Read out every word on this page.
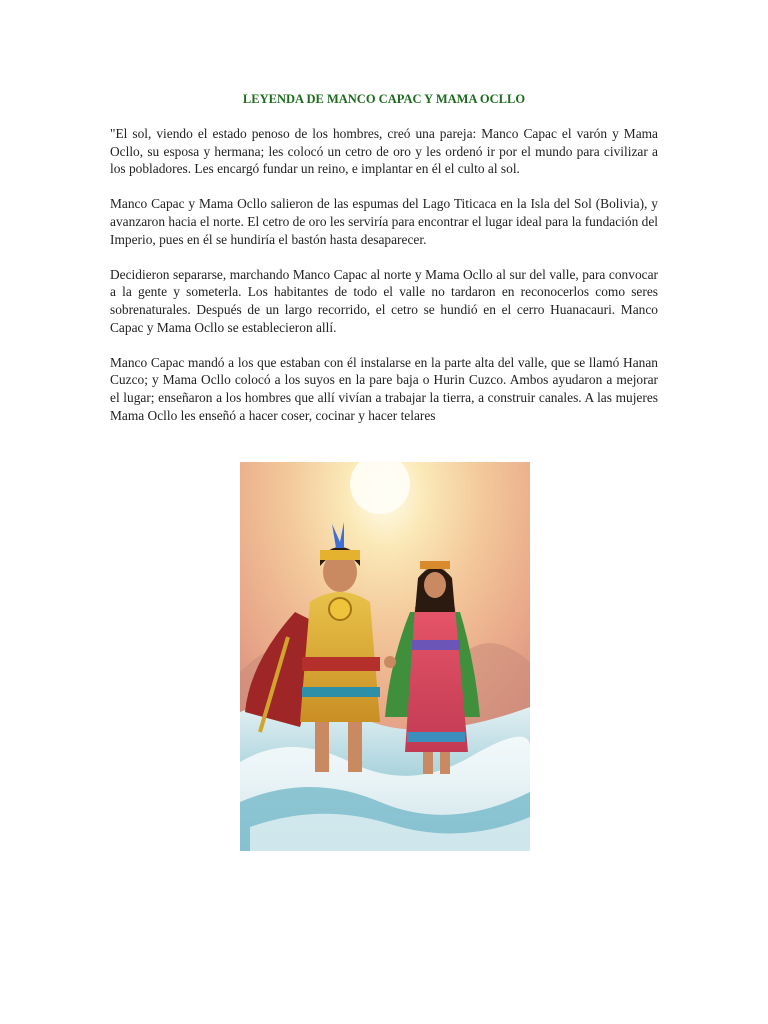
LEYENDA DE MANCO CAPAC Y MAMA OCLLO

"El sol, viendo el estado penoso de los hombres, creó una pareja: Manco Capac el varón y Mama Ocllo, su esposa y hermana; les colocó un cetro de oro y les ordenó ir por el mundo para civilizar a los pobladores. Les encargó fundar un reino, e implantar en él el culto al sol.

Manco Capac y Mama Ocllo salieron de las espumas del Lago Titicaca en la Isla del Sol (Bolivia), y avanzaron hacia el norte. El cetro de oro les serviría para encontrar el lugar ideal para la fundación del Imperio, pues en él se hundiría el bastón hasta desaparecer.

Decidieron separarse, marchando Manco Capac al norte y Mama Ocllo al sur del valle, para convocar a la gente y someterla. Los habitantes de todo el valle no tardaron en reconocerlos como seres sobrenaturales. Después de un largo recorrido, el cetro se hundió en el cerro Huanacauri. Manco Capac y Mama Ocllo se establecieron allí.

Manco Capac mandó a los que estaban con él instalarse en la parte alta del valle, que se llamó Hanan Cuzco; y Mama Ocllo colocó a los suyos en la pare baja o Hurin Cuzco. Ambos ayudaron a mejorar el lugar; enseñaron a los hombres que allí vivían a trabajar la tierra, a construir canales. A las mujeres Mama Ocllo les enseñó a hacer coser, cocinar y hacer telares
